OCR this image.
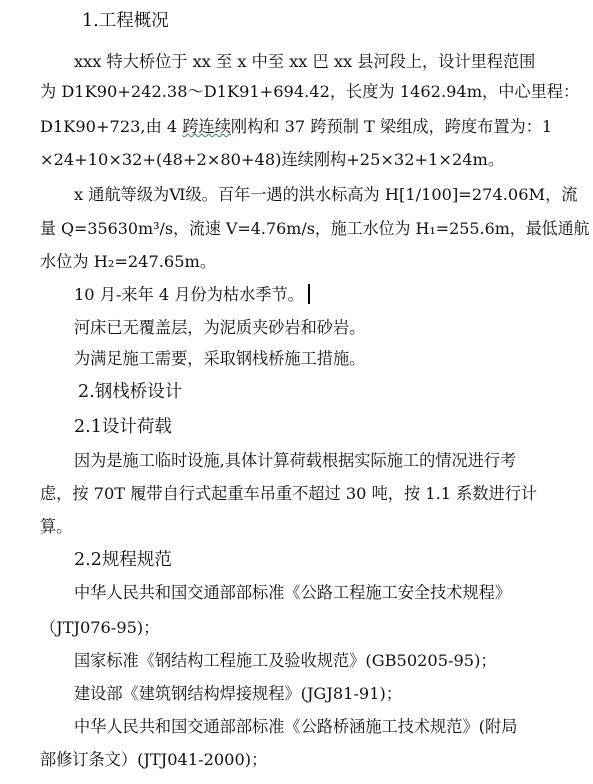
1.工程概况
xxx 特大桥位于 xx 至 x 中至 xx 巴 xx 县河段上，设计里程范围
为 D1K90+242.38～D1K91+694.42，长度为 1462.94m，中心里程：
D1K90+723,由 4 跨连续刚构和 37 跨预制 T 梁组成，跨度布置为：1
×24+10×32+(48+2×80+48)连续刚构+25×32+1×24m。
x 通航等级为Ⅵ级。百年一遇的洪水标高为 H[1/100]=274.06M，流
量 Q=35630m³/s，流速 V=4.76m/s，施工水位为 H₁=255.6m，最低通航
水位为 H₂=247.65m。
10 月-来年 4 月份为枯水季节。
河床已无覆盖层，为泥质夹砂岩和砂岩。
为满足施工需要，采取钢栈桥施工措施。
2.钢栈桥设计
2.1设计荷载
因为是施工临时设施,具体计算荷载根据实际施工的情况进行考
虑，按 70T 履带自行式起重车吊重不超过 30 吨，按 1.1 系数进行计
算。
2.2规程规范
中华人民共和国交通部部标准《公路工程施工安全技术规程》
（JTJ076-95)；
国家标准《钢结构工程施工及验收规范》(GB50205-95)；
建设部《建筑钢结构焊接规程》(JGJ81-91)；
中华人民共和国交通部部标准《公路桥涵施工技术规范》(附局
部修订条文）(JTJ041-2000)；
